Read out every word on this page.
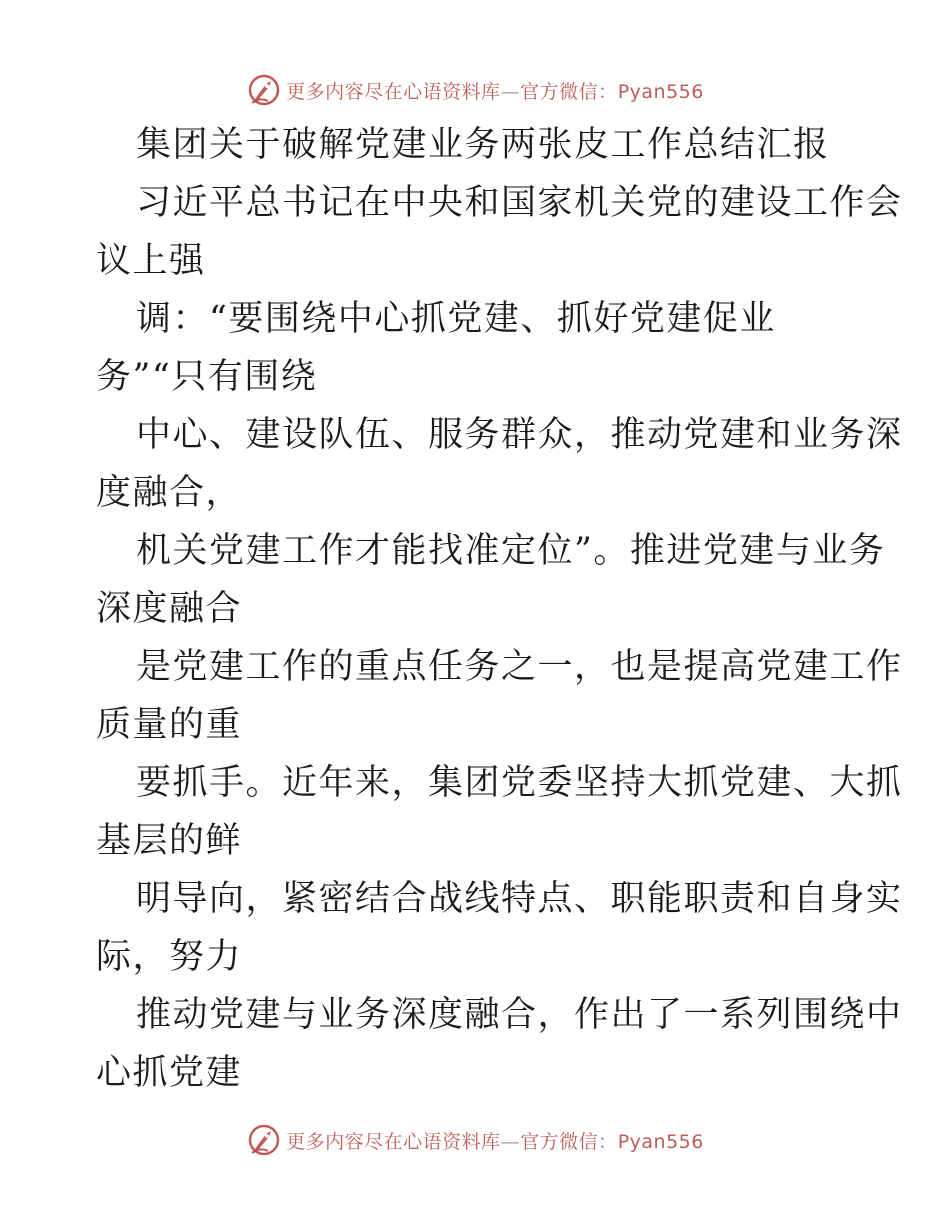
更多内容尽在心语资料库—官方微信：Pyan556
集团关于破解党建业务两张皮工作总结汇报
习近平总书记在中央和国家机关党的建设工作会
议上强
调：“要围绕中心抓党建、抓好党建促业
务”“只有围绕
中心、建设队伍、服务群众，推动党建和业务深
度融合，
机关党建工作才能找准定位”。推进党建与业务
深度融合
是党建工作的重点任务之一，也是提高党建工作
质量的重
要抓手。近年来，集团党委坚持大抓党建、大抓
基层的鲜
明导向，紧密结合战线特点、职能职责和自身实
际，努力
推动党建与业务深度融合，作出了一系列围绕中
心抓党建
更多内容尽在心语资料库—官方微信：Pyan556
